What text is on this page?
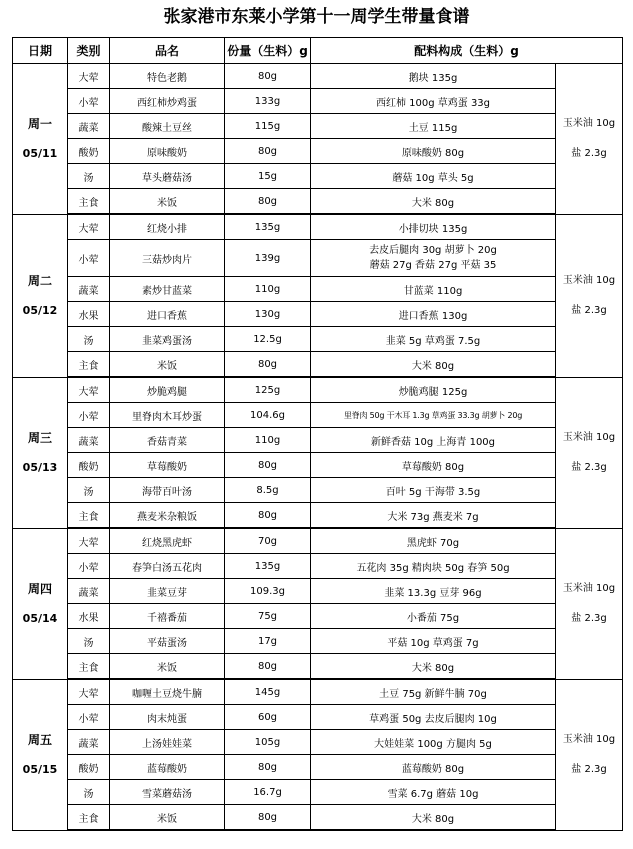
张家港市东莱小学第十一周学生带量食谱
日期	类别	品名	份量（生料）g	配料构成（生料）g	

周一
05/11	大荤	特色老鹅	80g	鹅块 135g	玉米油 10g
盐 2.3g

	小荤	西红柿炒鸡蛋	133g	西红柿 100g 草鸡蛋 33g	
	蔬菜	酸辣土豆丝	115g	土豆 115g	
	酸奶	原味酸奶	80g	原味酸奶 80g	
	汤	草头蘑菇汤	15g	蘑菇 10g 草头 5g	
	主食	米饭	80g	大米 80g	

周二
05/12	大荤	红烧小排	135g	小排切块 135g	玉米油 10g
盐 2.3g

	小荤	三菇炒肉片	139g	去皮后腿肉 30g 胡萝卜 20g
蘑菇 27g 香菇 27g 平菇 35	

	蔬菜	素炒甘蓝菜	110g	甘蓝菜 110g	
	水果	进口香蕉	130g	进口香蕉 130g	
	汤	韭菜鸡蛋汤	12.5g	韭菜 5g 草鸡蛋 7.5g	
	主食	米饭	80g	大米 80g	

周三
05/13	大荤	炒脆鸡腿	125g	炒脆鸡腿 125g	玉米油 10g
盐 2.3g

	小荤	里脊肉木耳炒蛋	104.6g	里脊肉 50g 干木耳 1.3g 草鸡蛋 33.3g 胡萝卜 20g	
	蔬菜	香菇青菜	110g	新鲜香菇 10g 上海青 100g	
	酸奶	草莓酸奶	80g	草莓酸奶 80g	
	汤	海带百叶汤	8.5g	百叶 5g 干海带 3.5g	
	主食	燕麦米杂粮饭	80g	大米 73g 燕麦米 7g	

周四
05/14	大荤	红烧黑虎虾	70g	黑虎虾 70g	玉米油 10g
盐 2.3g

	小荤	春笋白汤五花肉	135g	五花肉 35g 精肉块 50g 春笋 50g	
	蔬菜	韭菜豆芽	109.3g	韭菜 13.3g 豆芽 96g	
	水果	千禧番茄	75g	小番茄 75g	
	汤	平菇蛋汤	17g	平菇 10g 草鸡蛋 7g	
	主食	米饭	80g	大米 80g	

周五
05/15	大荤	咖喱土豆烧牛腩	145g	土豆 75g 新鲜牛腩 70g	玉米油 10g
盐 2.3g

	小荤	肉末炖蛋	60g	草鸡蛋 50g 去皮后腿肉 10g	
	蔬菜	上汤娃娃菜	105g	大娃娃菜 100g 方腿肉 5g	
	酸奶	蓝莓酸奶	80g	蓝莓酸奶 80g	
	汤	雪菜蘑菇汤	16.7g	雪菜 6.7g 蘑菇 10g	
	主食	米饭	80g	大米 80g	
